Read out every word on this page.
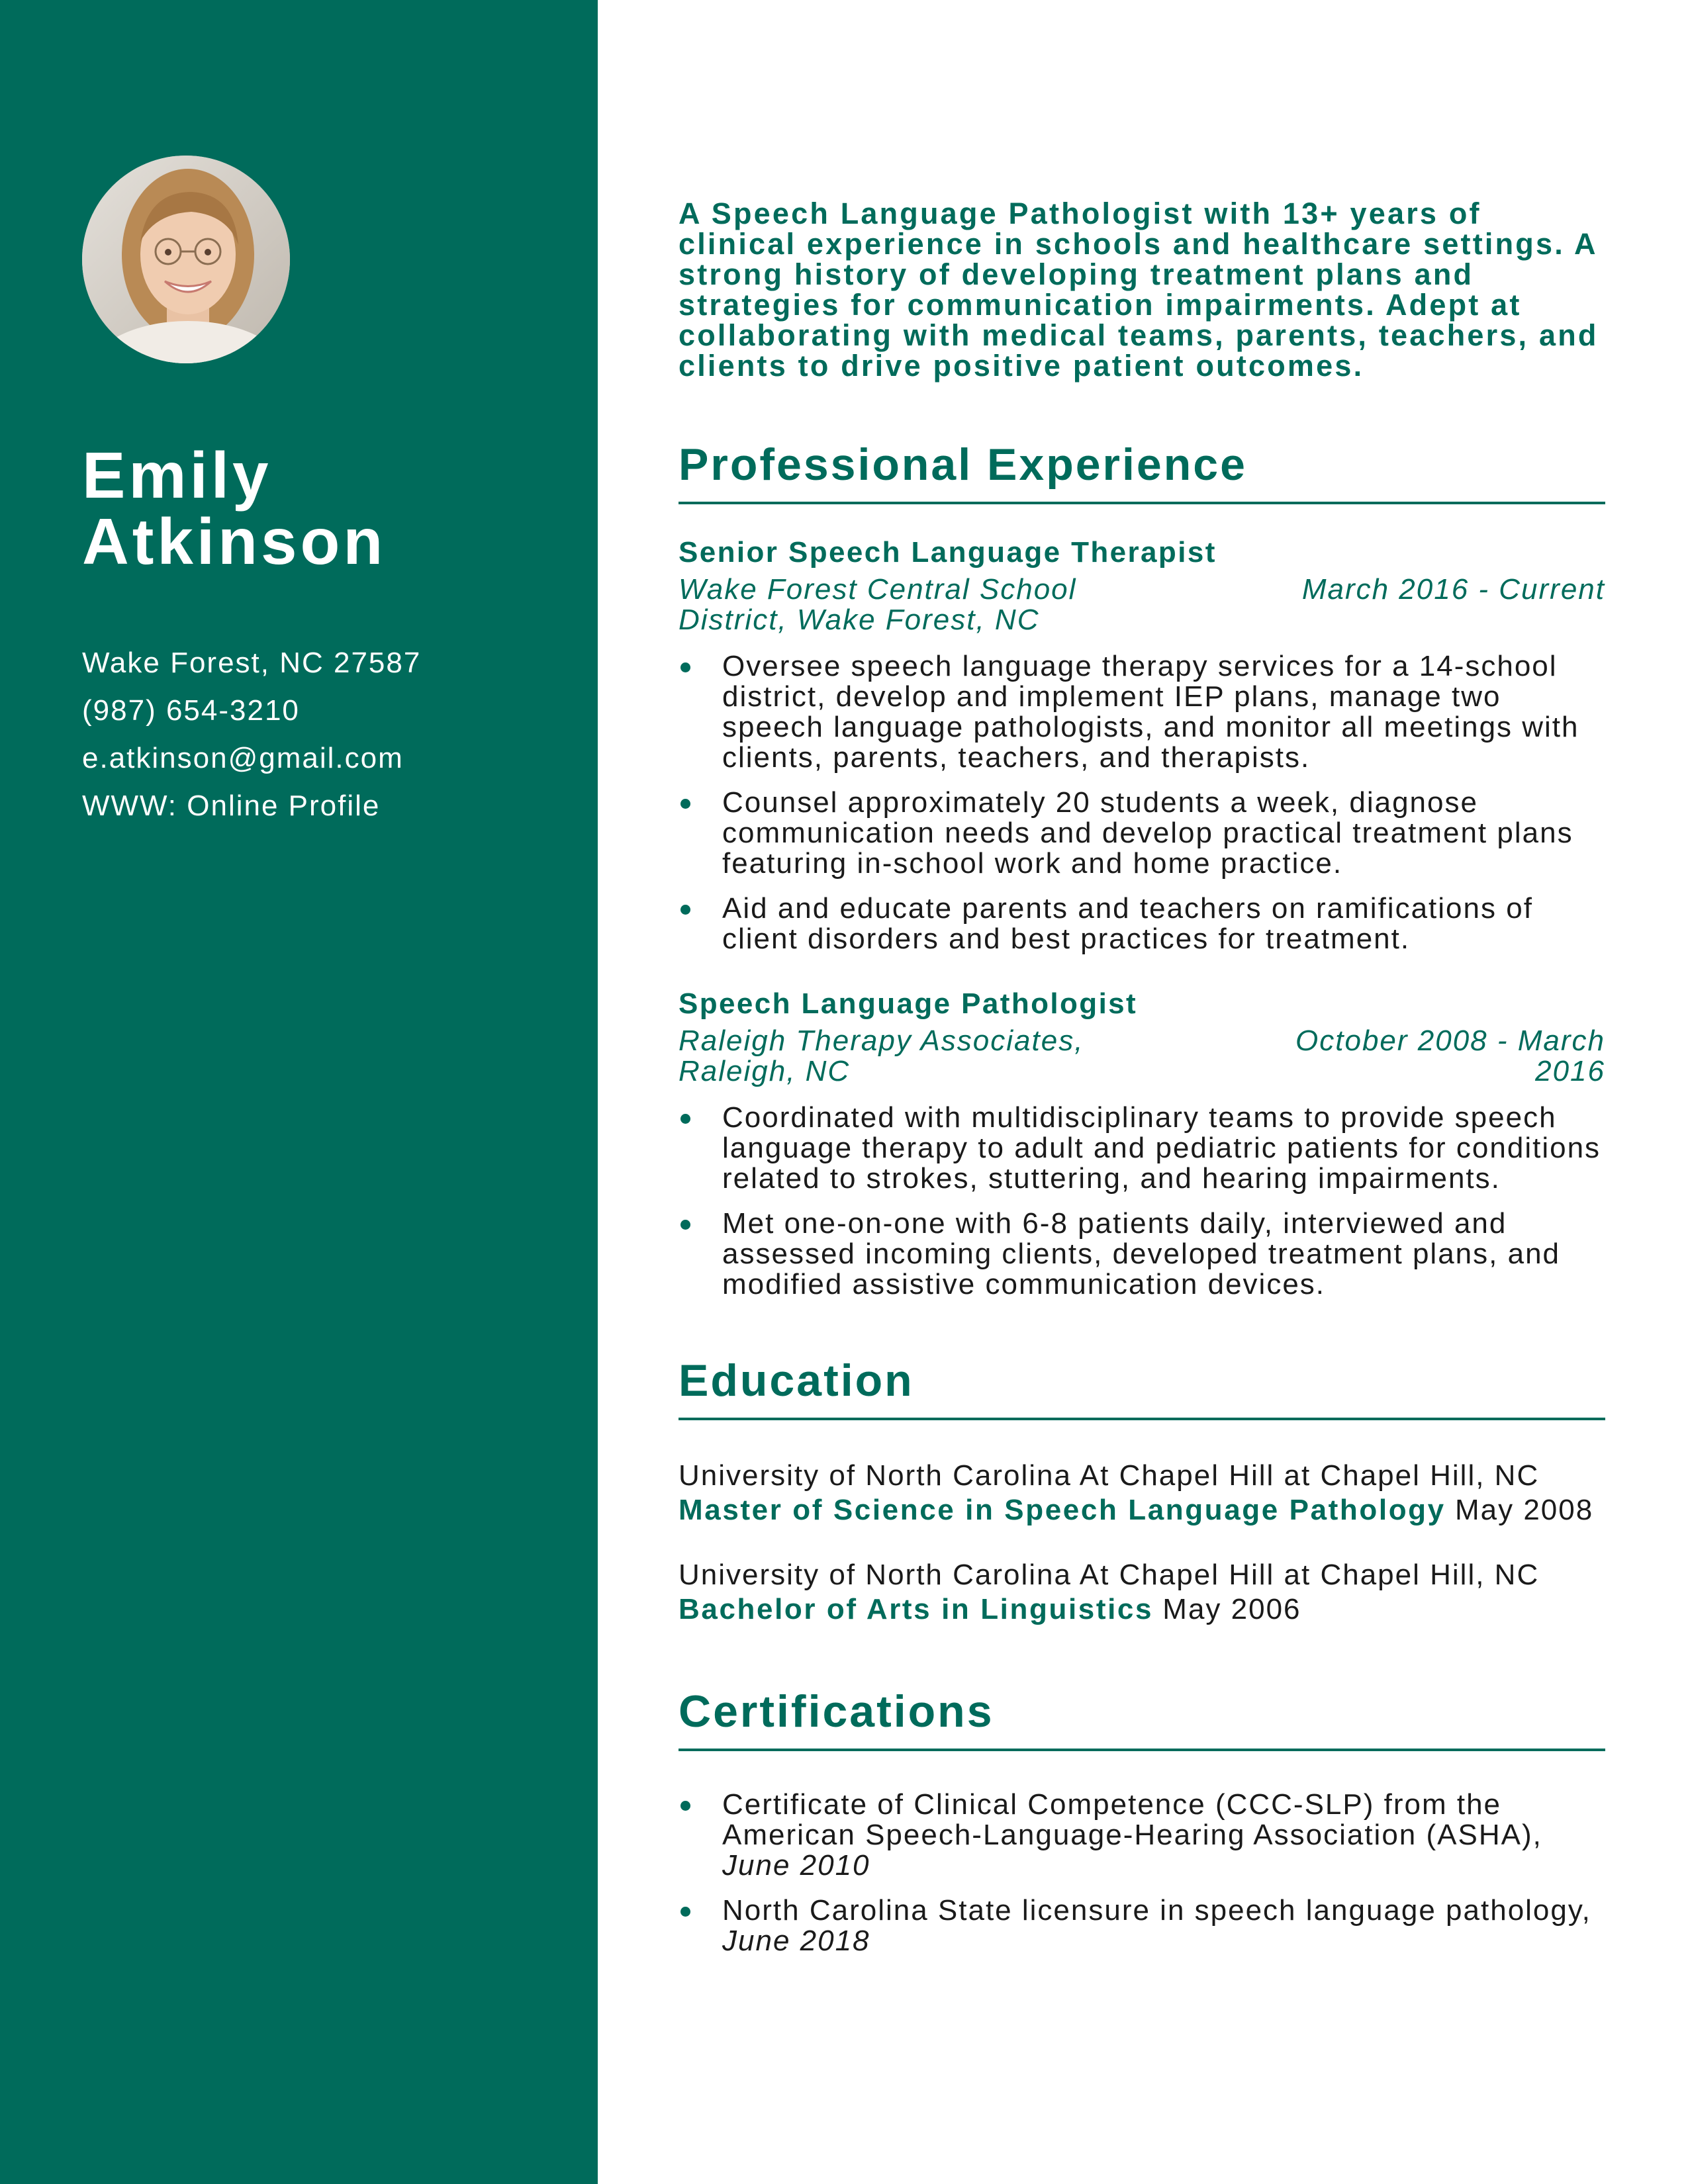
Emily
Atkinson
Wake Forest, NC 27587
(987) 654-3210
e.atkinson@gmail.com
WWW: Online Profile

A Speech Language Pathologist with 13+ years of clinical experience in schools and healthcare settings. A strong history of developing treatment plans and strategies for communication impairments. Adept at collaborating with medical teams, parents, teachers, and clients to drive positive patient outcomes.

Professional Experience
Senior Speech Language Therapist
Wake Forest Central School District, Wake Forest, NC
March 2016 - Current
Oversee speech language therapy services for a 14-school district, develop and implement IEP plans, manage two speech language pathologists, and monitor all meetings with clients, parents, teachers, and therapists.
Counsel approximately 20 students a week, diagnose communication needs and develop practical treatment plans featuring in-school work and home practice.
Aid and educate parents and teachers on ramifications of client disorders and best practices for treatment.
Speech Language Pathologist
Raleigh Therapy Associates, Raleigh, NC
October 2008 - March 2016
Coordinated with multidisciplinary teams to provide speech language therapy to adult and pediatric patients for conditions related to strokes, stuttering, and hearing impairments.
Met one-on-one with 6-8 patients daily, interviewed and assessed incoming clients, developed treatment plans, and modified assistive communication devices.
Education
University of North Carolina At Chapel Hill at Chapel Hill, NC
Master of Science in Speech Language Pathology May 2008
University of North Carolina At Chapel Hill at Chapel Hill, NC
Bachelor of Arts in Linguistics May 2006
Certifications
Certificate of Clinical Competence (CCC-SLP) from the American Speech-Language-Hearing Association (ASHA), June 2010
North Carolina State licensure in speech language pathology, June 2018
